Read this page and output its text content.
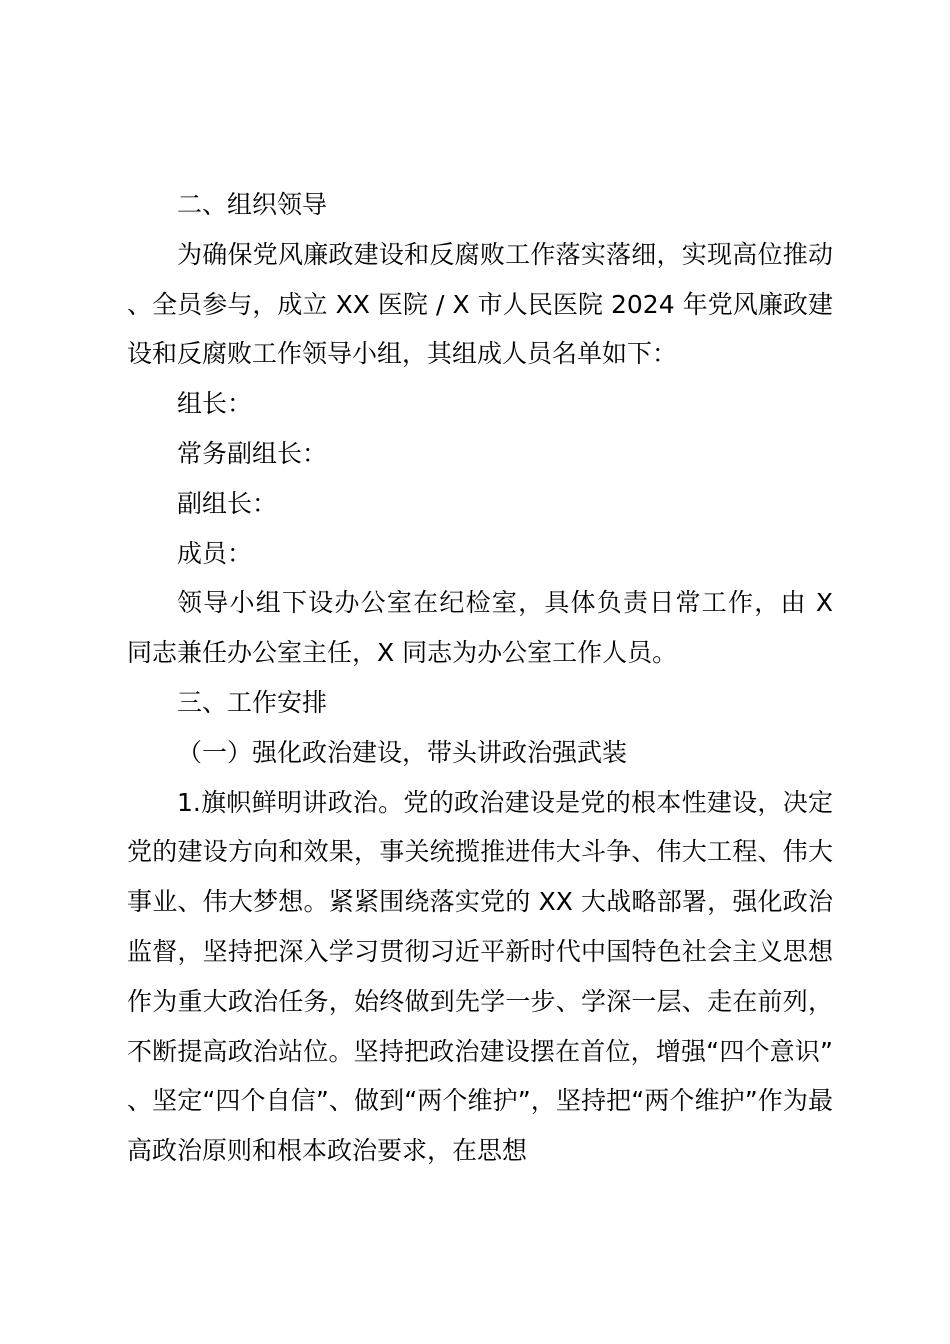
二、组织领导

为确保党风廉政建设和反腐败工作落实落细，实现高位推动、全员参与，成立 XX 医院 / X 市人民医院 2024 年党风廉政建设和反腐败工作领导小组，其组成人员名单如下：

组长：

常务副组长：

副组长：

成员：

领导小组下设办公室在纪检室，具体负责日常工作，由 X 同志兼任办公室主任，X 同志为办公室工作人员。

三、工作安排

（一）强化政治建设，带头讲政治强武装

1.旗帜鲜明讲政治。党的政治建设是党的根本性建设，决定党的建设方向和效果，事关统揽推进伟大斗争、伟大工程、伟大事业、伟大梦想。紧紧围绕落实党的 XX 大战略部署，强化政治监督，坚持把深入学习贯彻习近平新时代中国特色社会主义思想作为重大政治任务，始终做到先学一步、学深一层、走在前列，不断提高政治站位。坚持把政治建设摆在首位，增强“四个意识”、坚定“四个自信”、做到“两个维护”，坚持把“两个维护”作为最高政治原则和根本政治要求，在思想
